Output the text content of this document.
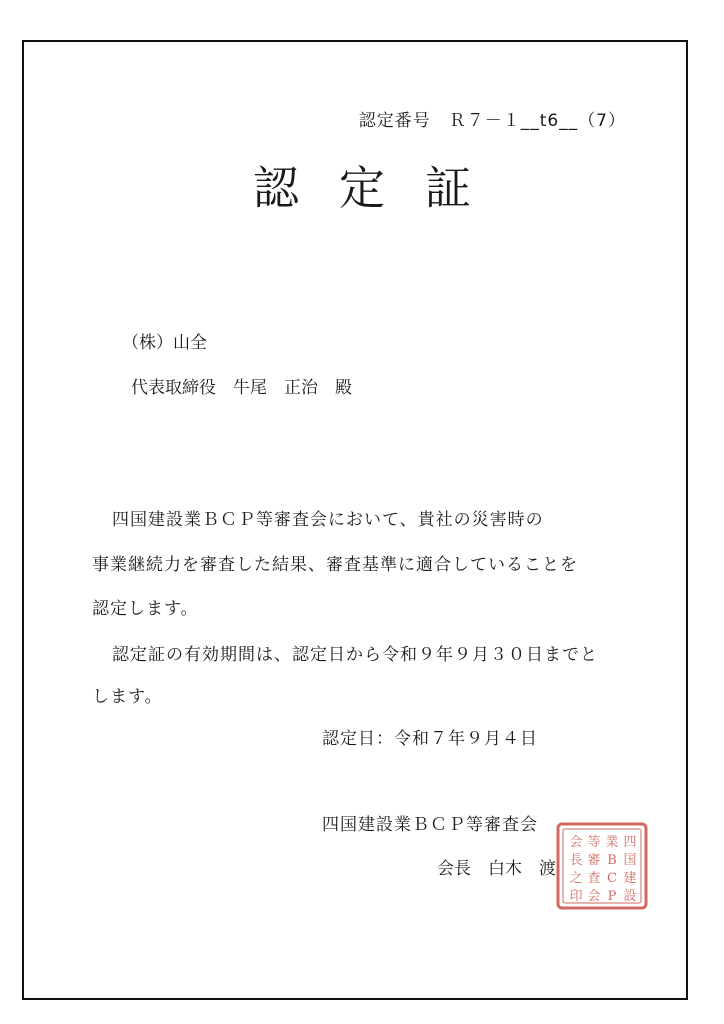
認定番号　Ｒ７－１__t6__（7）
認定証
（株）山全
代表取締役　牛尾　正治　殿
四国建設業ＢＣＰ等審査会において、貴社の災害時の
事業継続力を審査した結果、審査基準に適合していることを
認定します。
認定証の有効期間は、認定日から令和９年９月３０日までと
します。
認定日：令和７年９月４日
四国建設業ＢＣＰ等審査会
会長　白木　渡
四
国
建
設
業
B
C
P
等
審
査
会
会
長
之
印
